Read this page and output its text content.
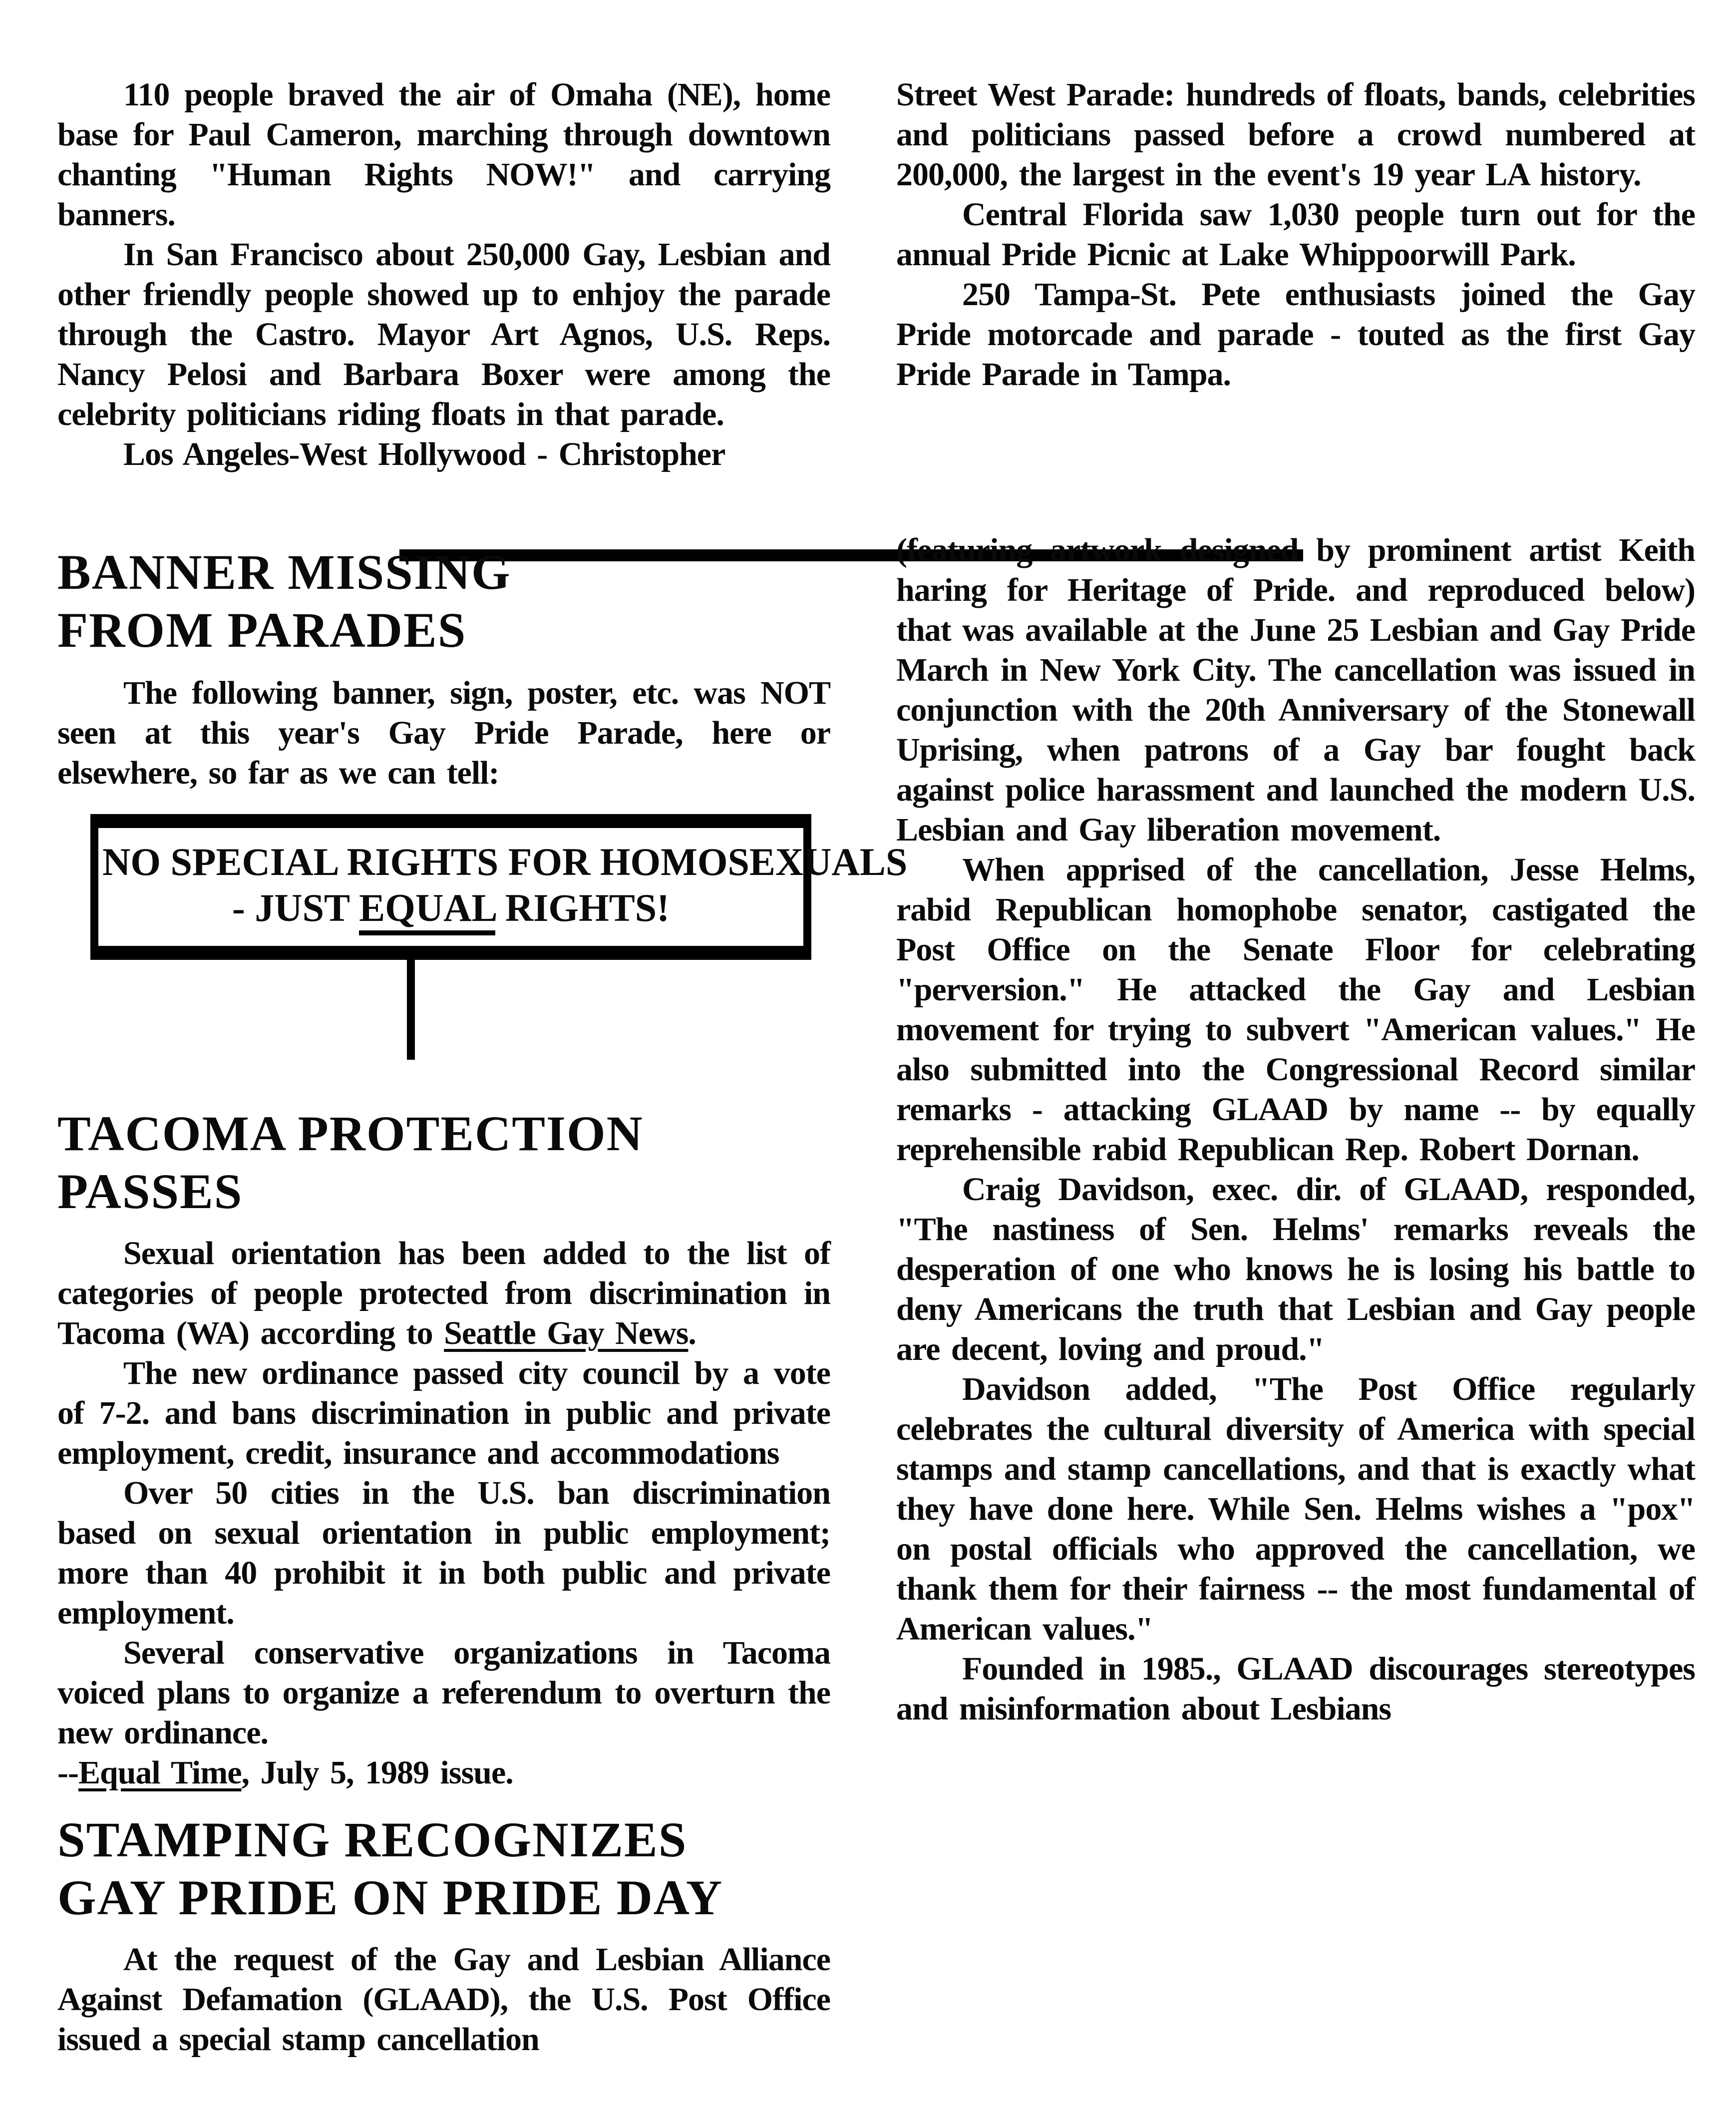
110 people braved the air of Omaha (NE), home base for Paul Cameron, marching through downtown chanting "Human Rights NOW!" and carrying banners.

In San Francisco about 250,000 Gay, Lesbian and other friendly people showed up to enhjoy the parade through the Castro. Mayor Art Agnos, U.S. Reps. Nancy Pelosi and Barbara Boxer were among the celebrity politicians riding floats in that parade.

Los Angeles-West Hollywood - Christopher

BANNER MISSING
FROM PARADES

The following banner, sign, poster, etc. was NOT seen at this year's Gay Pride Parade, here or elsewhere, so far as we can tell:

NO SPECIAL RIGHTS FOR HOMOSEXUALS
- JUST EQUAL RIGHTS!
TACOMA PROTECTION PASSES

Sexual orientation has been added to the list of categories of people protected from discrimination in Tacoma (WA) according to Seattle Gay News.

The new ordinance passed city council by a vote of 7-2. and bans discrimination in public and private employment, credit, insurance and accommodations

Over 50 cities in the U.S. ban discrimination based on sexual orientation in public employment; more than 40 prohibit it in both public and private employment.

Several conservative organizations in Tacoma voiced plans to organize a referendum to overturn the new ordinance.

--Equal Time, July 5, 1989 issue.

STAMPING RECOGNIZES
GAY PRIDE ON PRIDE DAY

At the request of the Gay and Lesbian Alliance Against Defamation (GLAAD), the U.S. Post Office issued a special stamp cancellation

Street West Parade: hundreds of floats, bands, celebrities and politicians passed before a crowd numbered at 200,000, the largest in the event's 19 year LA history.

Central Florida saw 1,030 people turn out for the annual Pride Picnic at Lake Whippoorwill Park.

250 Tampa-St. Pete enthusiasts joined the Gay Pride motorcade and parade - touted as the first Gay Pride Parade in Tampa.

(featuring artwork designed by prominent artist Keith haring for Heritage of Pride. and reproduced below) that was available at the June 25 Lesbian and Gay Pride March in New York City. The cancellation was issued in conjunction with the 20th Anniversary of the Stonewall Uprising, when patrons of a Gay bar fought back against police harassment and launched the modern U.S. Lesbian and Gay liberation movement.

When apprised of the cancellation, Jesse Helms, rabid Republican homophobe senator, castigated the Post Office on the Senate Floor for celebrating "perversion." He attacked the Gay and Lesbian movement for trying to subvert "American values." He also submitted into the Congressional Record similar remarks - attacking GLAAD by name -- by equally reprehensible rabid Republican Rep. Robert Dornan.

Craig Davidson, exec. dir. of GLAAD, responded, "The nastiness of Sen. Helms' remarks reveals the desperation of one who knows he is losing his battle to deny Americans the truth that Lesbian and Gay people are decent, loving and proud."

Davidson added, "The Post Office regularly celebrates the cultural diversity of America with special stamps and stamp cancellations, and that is exactly what they have done here. While Sen. Helms wishes a "pox" on postal officials who approved the cancellation, we thank them for their fairness -- the most fundamental of American values."

Founded in 1985., GLAAD discourages stereotypes and misinformation about Lesbians
